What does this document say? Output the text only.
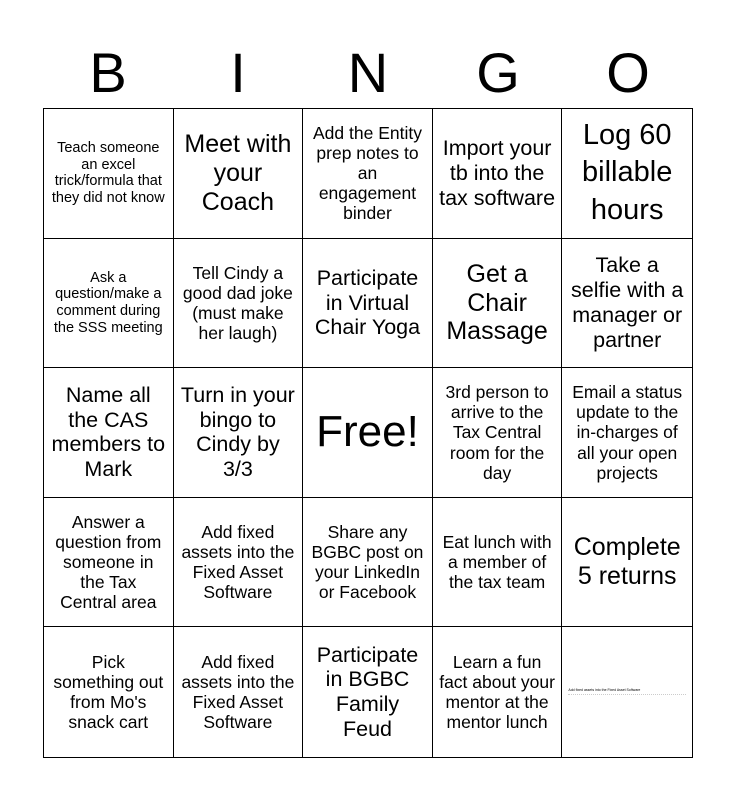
B	I	N	G	O
Teach someone an excel trick/formula that they did not know
Meet with your Coach
Add the Entity prep notes to an engagement binder
Import your tb into the tax software
Log 60 billable hours
Ask a question/make a comment during the SSS meeting
Tell Cindy a good dad joke (must make her laugh)
Participate in Virtual Chair Yoga
Get a Chair Massage
Take a selfie with a manager or partner
Name all the CAS members to Mark
Turn in your bingo to Cindy by 3/3
Free!
3rd person to arrive to the Tax Central room for the day
Email a status update to the in-charges of all your open projects
Answer a question from someone in the Tax Central area
Add fixed assets into the Fixed Asset Software
Share any BGBC post on your LinkedIn or Facebook
Eat lunch with a member of the tax team
Complete 5 returns
Pick something out from Mo's snack cart
Add fixed assets into the Fixed Asset Software
Participate in BGBC Family Feud
Learn a fun fact about your mentor at the mentor lunch
Add fixed assets into the Fixed Asset Software
